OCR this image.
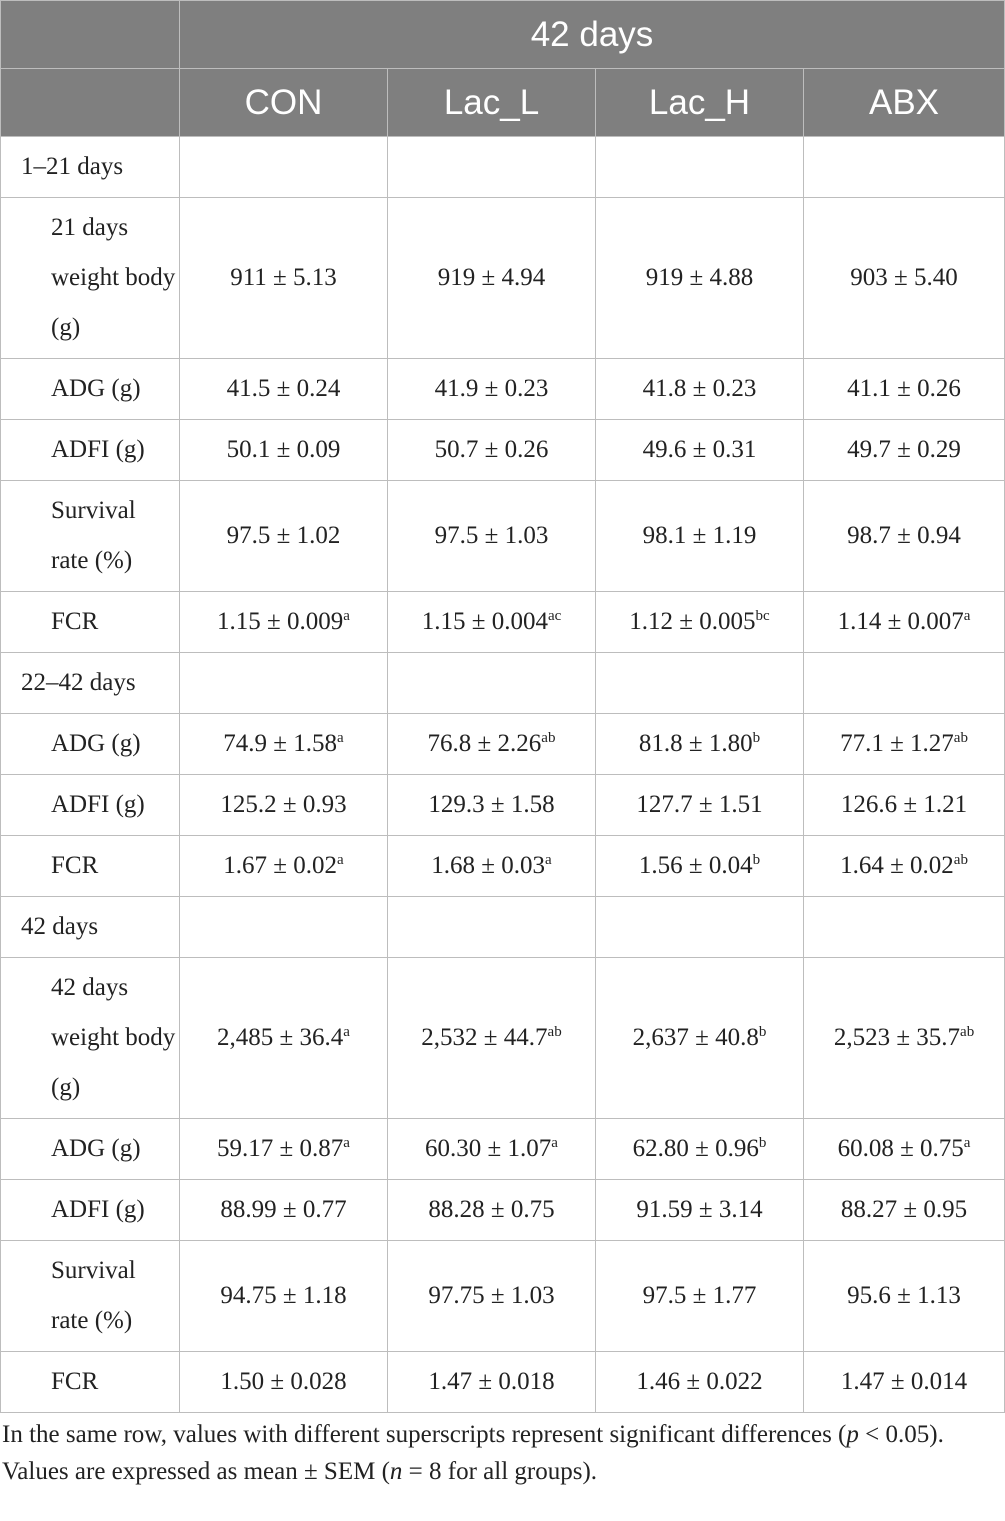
	42 days			
	CON	Lac_L	Lac_H	ABX
1–21 days				
21 days weight body (g)	911 ± 5.13	919 ± 4.94	919 ± 4.88	903 ± 5.40
ADG (g)	41.5 ± 0.24	41.9 ± 0.23	41.8 ± 0.23	41.1 ± 0.26
ADFI (g)	50.1 ± 0.09	50.7 ± 0.26	49.6 ± 0.31	49.7 ± 0.29
Survival rate (%)	97.5 ± 1.02	97.5 ± 1.03	98.1 ± 1.19	98.7 ± 0.94
FCR	1.15 ± 0.009$^a$	1.15 ± 0.004$^{ac}$	1.12 ± 0.005$^{bc}$	1.14 ± 0.007$^a$
22–42 days				
ADG (g)	74.9 ± 1.58$^a$	76.8 ± 2.26$^{ab}$	81.8 ± 1.80$^b$	77.1 ± 1.27$^{ab}$
ADFI (g)	125.2 ± 0.93	129.3 ± 1.58	127.7 ± 1.51	126.6 ± 1.21
FCR	1.67 ± 0.02$^a$	1.68 ± 0.03$^a$	1.56 ± 0.04$^b$	1.64 ± 0.02$^{ab}$
42 days				
42 days weight body (g)	2,485 ± 36.4$^a$	2,532 ± 44.7$^{ab}$	2,637 ± 40.8$^b$	2,523 ± 35.7$^{ab}$
ADG (g)	59.17 ± 0.87$^a$	60.30 ± 1.07$^a$	62.80 ± 0.96$^b$	60.08 ± 0.75$^a$
ADFI (g)	88.99 ± 0.77	88.28 ± 0.75	91.59 ± 3.14	88.27 ± 0.95
Survival rate (%)	94.75 ± 1.18	97.75 ± 1.03	97.5 ± 1.77	95.6 ± 1.13
FCR	1.50 ± 0.028	1.47 ± 0.018	1.46 ± 0.022	1.47 ± 0.014
In the same row, values with different superscripts represent significant differences (p < 0.05).
Values are expressed as mean ± SEM (n = 8 for all groups).
